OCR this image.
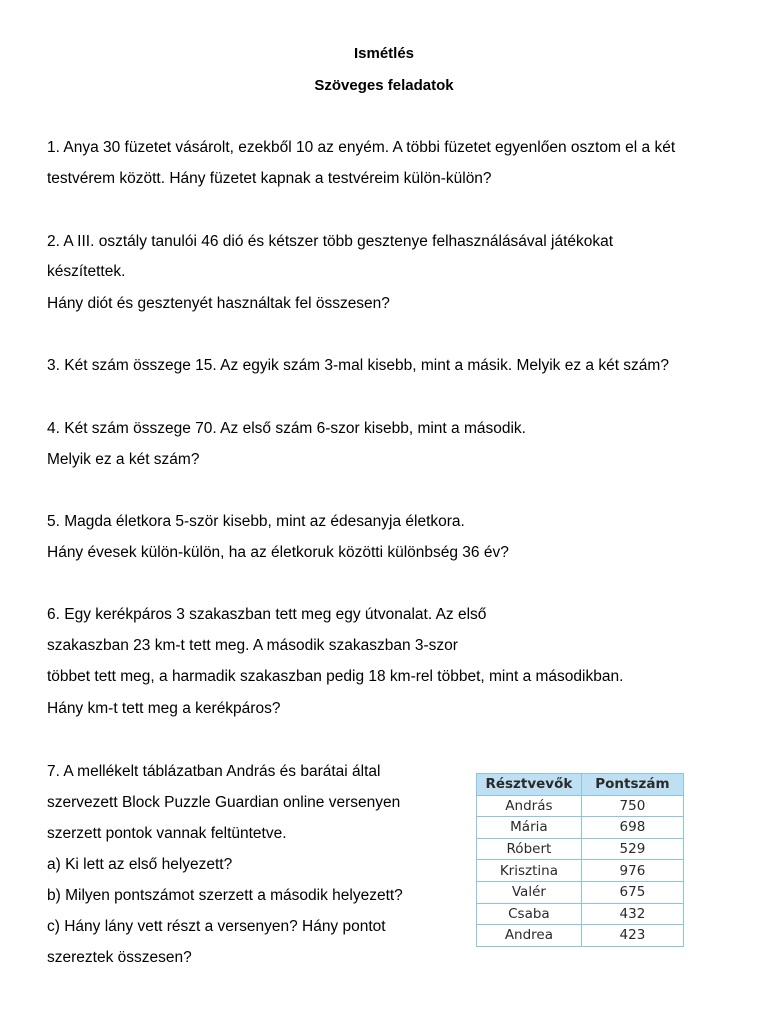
Ismétlés
Szöveges feladatok
1. Anya 30 füzetet vásárolt, ezekből 10 az enyém. A többi füzetet egyenlően osztom el a két
testvérem között. Hány füzetet kapnak a testvéreim külön-külön?
2. A III. osztály tanulói 46 dió és kétszer több gesztenye felhasználásával játékokat
készítettek.
Hány diót és gesztenyét használtak fel összesen?
3. Két szám összege 15. Az egyik szám 3-mal kisebb, mint a másik. Melyik ez a két szám?
4. Két szám összege 70. Az első szám 6-szor kisebb, mint a második.
Melyik ez a két szám?
5. Magda életkora 5-ször kisebb, mint az édesanyja életkora.
Hány évesek külön-külön, ha az életkoruk közötti különbség 36 év?
6. Egy kerékpáros 3 szakaszban tett meg egy útvonalat. Az első
szakaszban 23 km-t tett meg. A második szakaszban 3-szor
többet tett meg, a harmadik szakaszban pedig 18 km-rel többet, mint a másodikban.
Hány km-t tett meg a kerékpáros?
7. A mellékelt táblázatban András és barátai által
szervezett Block Puzzle Guardian online versenyen
szerzett pontok vannak feltüntetve.
a) Ki lett az első helyezett?
b) Milyen pontszámot szerzett a második helyezett?
c) Hány lány vett részt a versenyen? Hány pontot
szereztek összesen?
Résztvevők	Pontszám
András	750
Mária	698
Róbert	529
Krisztina	976
Valér	675
Csaba	432
Andrea	423
